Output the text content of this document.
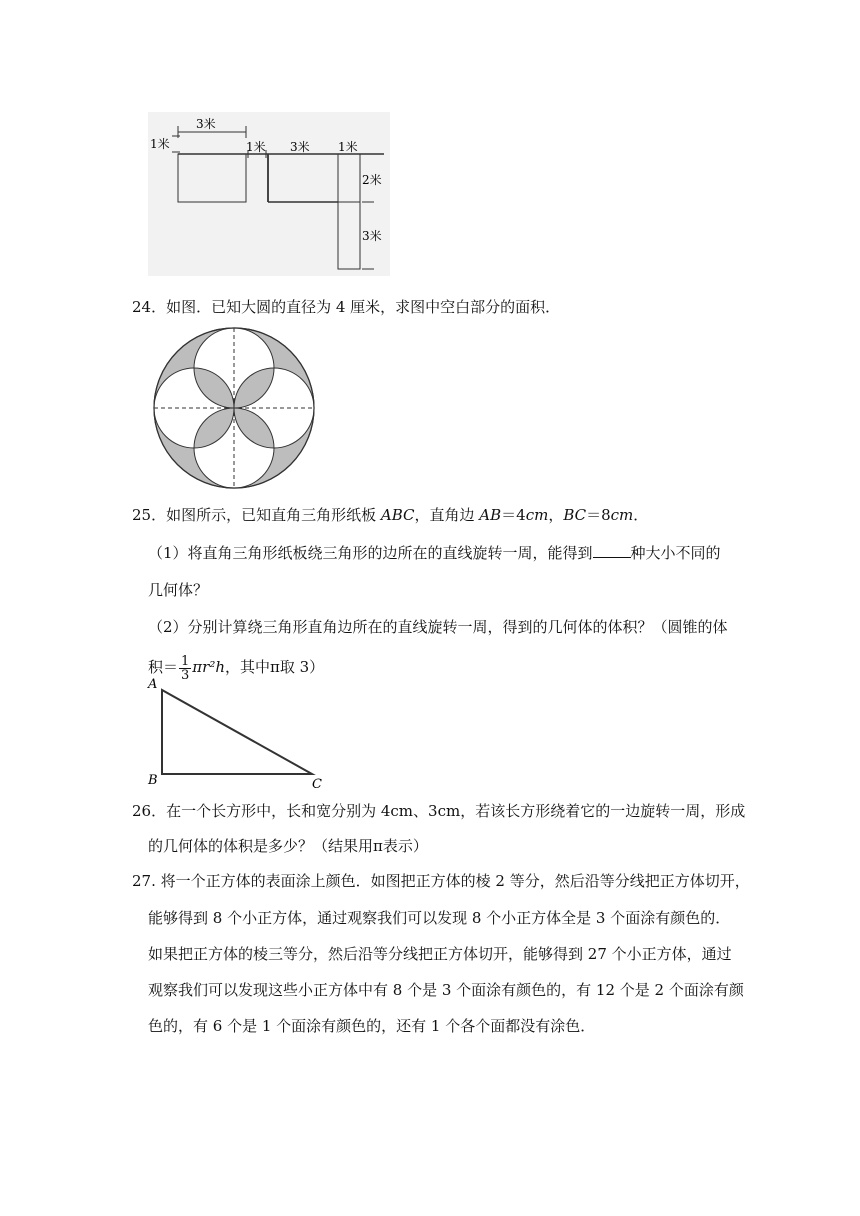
3米
1米	1米 3米 1米
2米
3米
24．如图．已知大圆的直径为 4 厘米，求图中空白部分的面积．
25．如图所示，已知直角三角形纸板 ABC，直角边 AB＝4cm，BC＝8cm．
（1）将直角三角形纸板绕三角形的边所在的直线旋转一周，能得到	种大小不同的
几何体？
（2）分别计算绕三角形直角边所在的直线旋转一周，得到的几何体的体积？（圆锥的体
积＝ $\frac{1}{3} \pi r^2h$，其中π取 3）
A
B	C
26．在一个长方形中，长和宽分别为 4cm、3cm，若该长方形绕着它的一边旋转一周，形成
的几何体的体积是多少？（结果用π表示）
27. 将一个正方体的表面涂上颜色．如图把正方体的棱 2 等分，然后沿等分线把正方体切开，
能够得到 8 个小正方体，通过观察我们可以发现 8 个小正方体全是 3 个面涂有颜色的．
如果把正方体的棱三等分，然后沿等分线把正方体切开，能够得到 27 个小正方体，通过
观察我们可以发现这些小正方体中有 8 个是 3 个面涂有颜色的，有 12 个是 2 个面涂有颜
色的，有 6 个是 1 个面涂有颜色的，还有 1 个各个面都没有涂色．
